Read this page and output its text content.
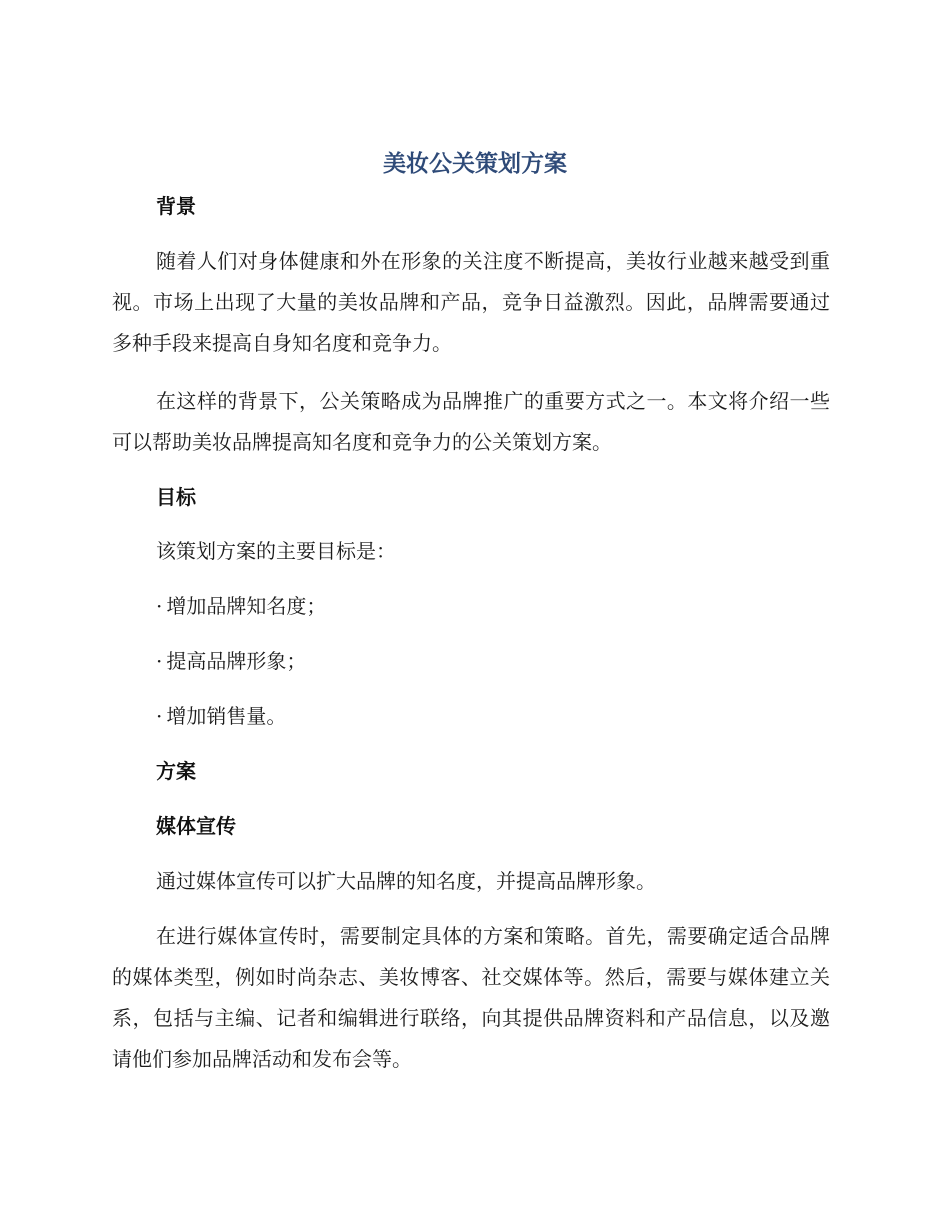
美妆公关策划方案
背景
随着人们对身体健康和外在形象的关注度不断提高，美妆行业越来越受到重视。市场上出现了大量的美妆品牌和产品，竞争日益激烈。因此，品牌需要通过多种手段来提高自身知名度和竞争力。
在这样的背景下，公关策略成为品牌推广的重要方式之一。本文将介绍一些可以帮助美妆品牌提高知名度和竞争力的公关策划方案。
目标
该策划方案的主要目标是：
· 增加品牌知名度；
· 提高品牌形象；
· 增加销售量。
方案
媒体宣传
通过媒体宣传可以扩大品牌的知名度，并提高品牌形象。
在进行媒体宣传时，需要制定具体的方案和策略。首先，需要确定适合品牌的媒体类型，例如时尚杂志、美妆博客、社交媒体等。然后，需要与媒体建立关系，包括与主编、记者和编辑进行联络，向其提供品牌资料和产品信息，以及邀请他们参加品牌活动和发布会等。
